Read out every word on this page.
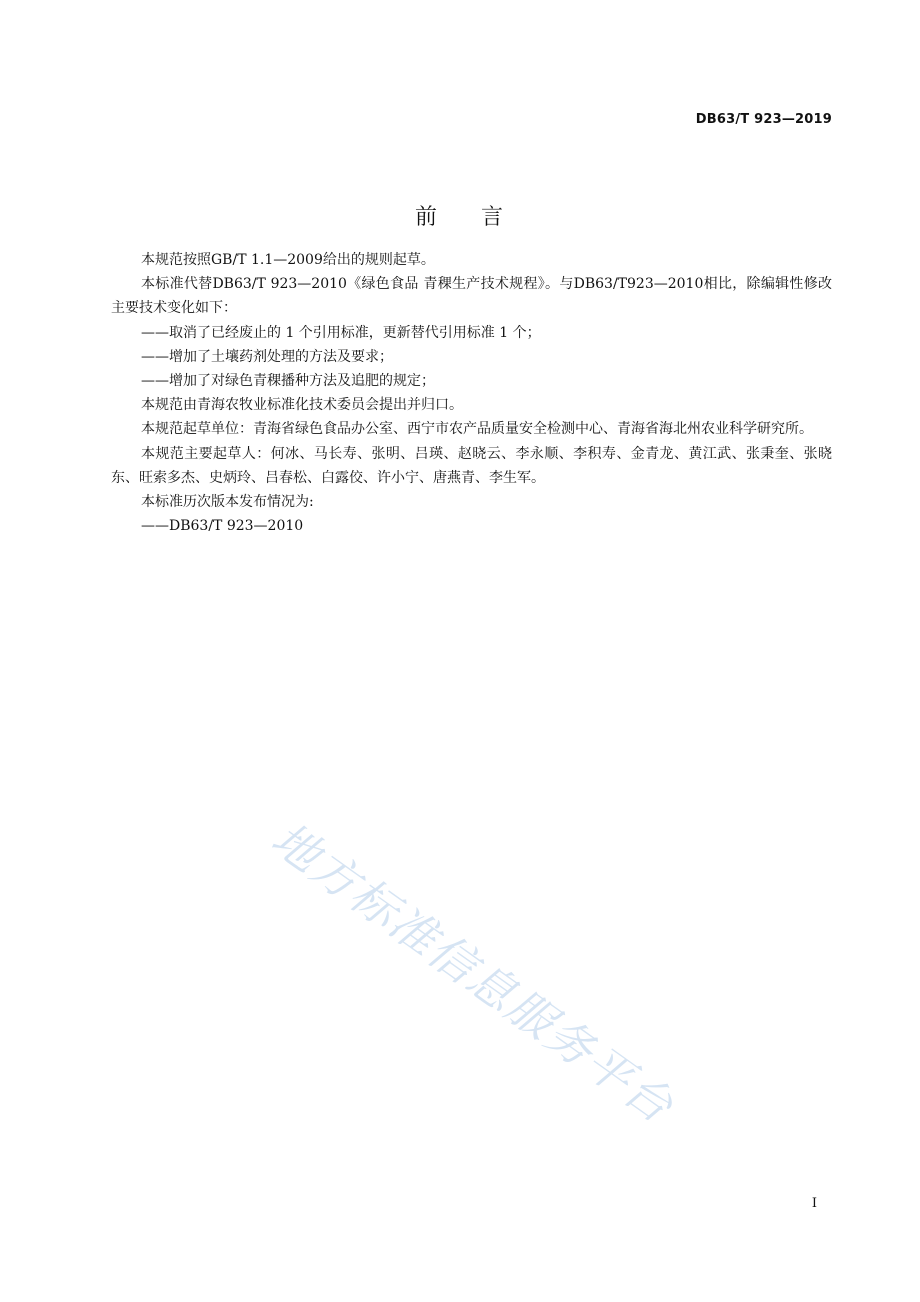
DB63/T 923—2019
前 言

本规范按照GB/T 1.1—2009给出的规则起草。

本标准代替DB63/T 923—2010《绿色食品 青稞生产技术规程》。与DB63/T923—2010相比，除编辑性修改主要技术变化如下：

——取消了已经废止的 1 个引用标准，更新替代引用标准 1 个；

——增加了土壤药剂处理的方法及要求；

——增加了对绿色青稞播种方法及追肥的规定；

本规范由青海农牧业标准化技术委员会提出并归口。

本规范起草单位：青海省绿色食品办公室、西宁市农产品质量安全检测中心、青海省海北州农业科学研究所。

本规范主要起草人：何冰、马长寿、张明、吕瑛、赵晓云、李永顺、李积寿、金青龙、黄江武、张秉奎、张晓东、旺索多杰、史炳玲、吕春松、白露佼、许小宁、唐燕青、李生军。

本标准历次版本发布情况为:

——DB63/T 923—2010

地方标准信息服务平台
I
